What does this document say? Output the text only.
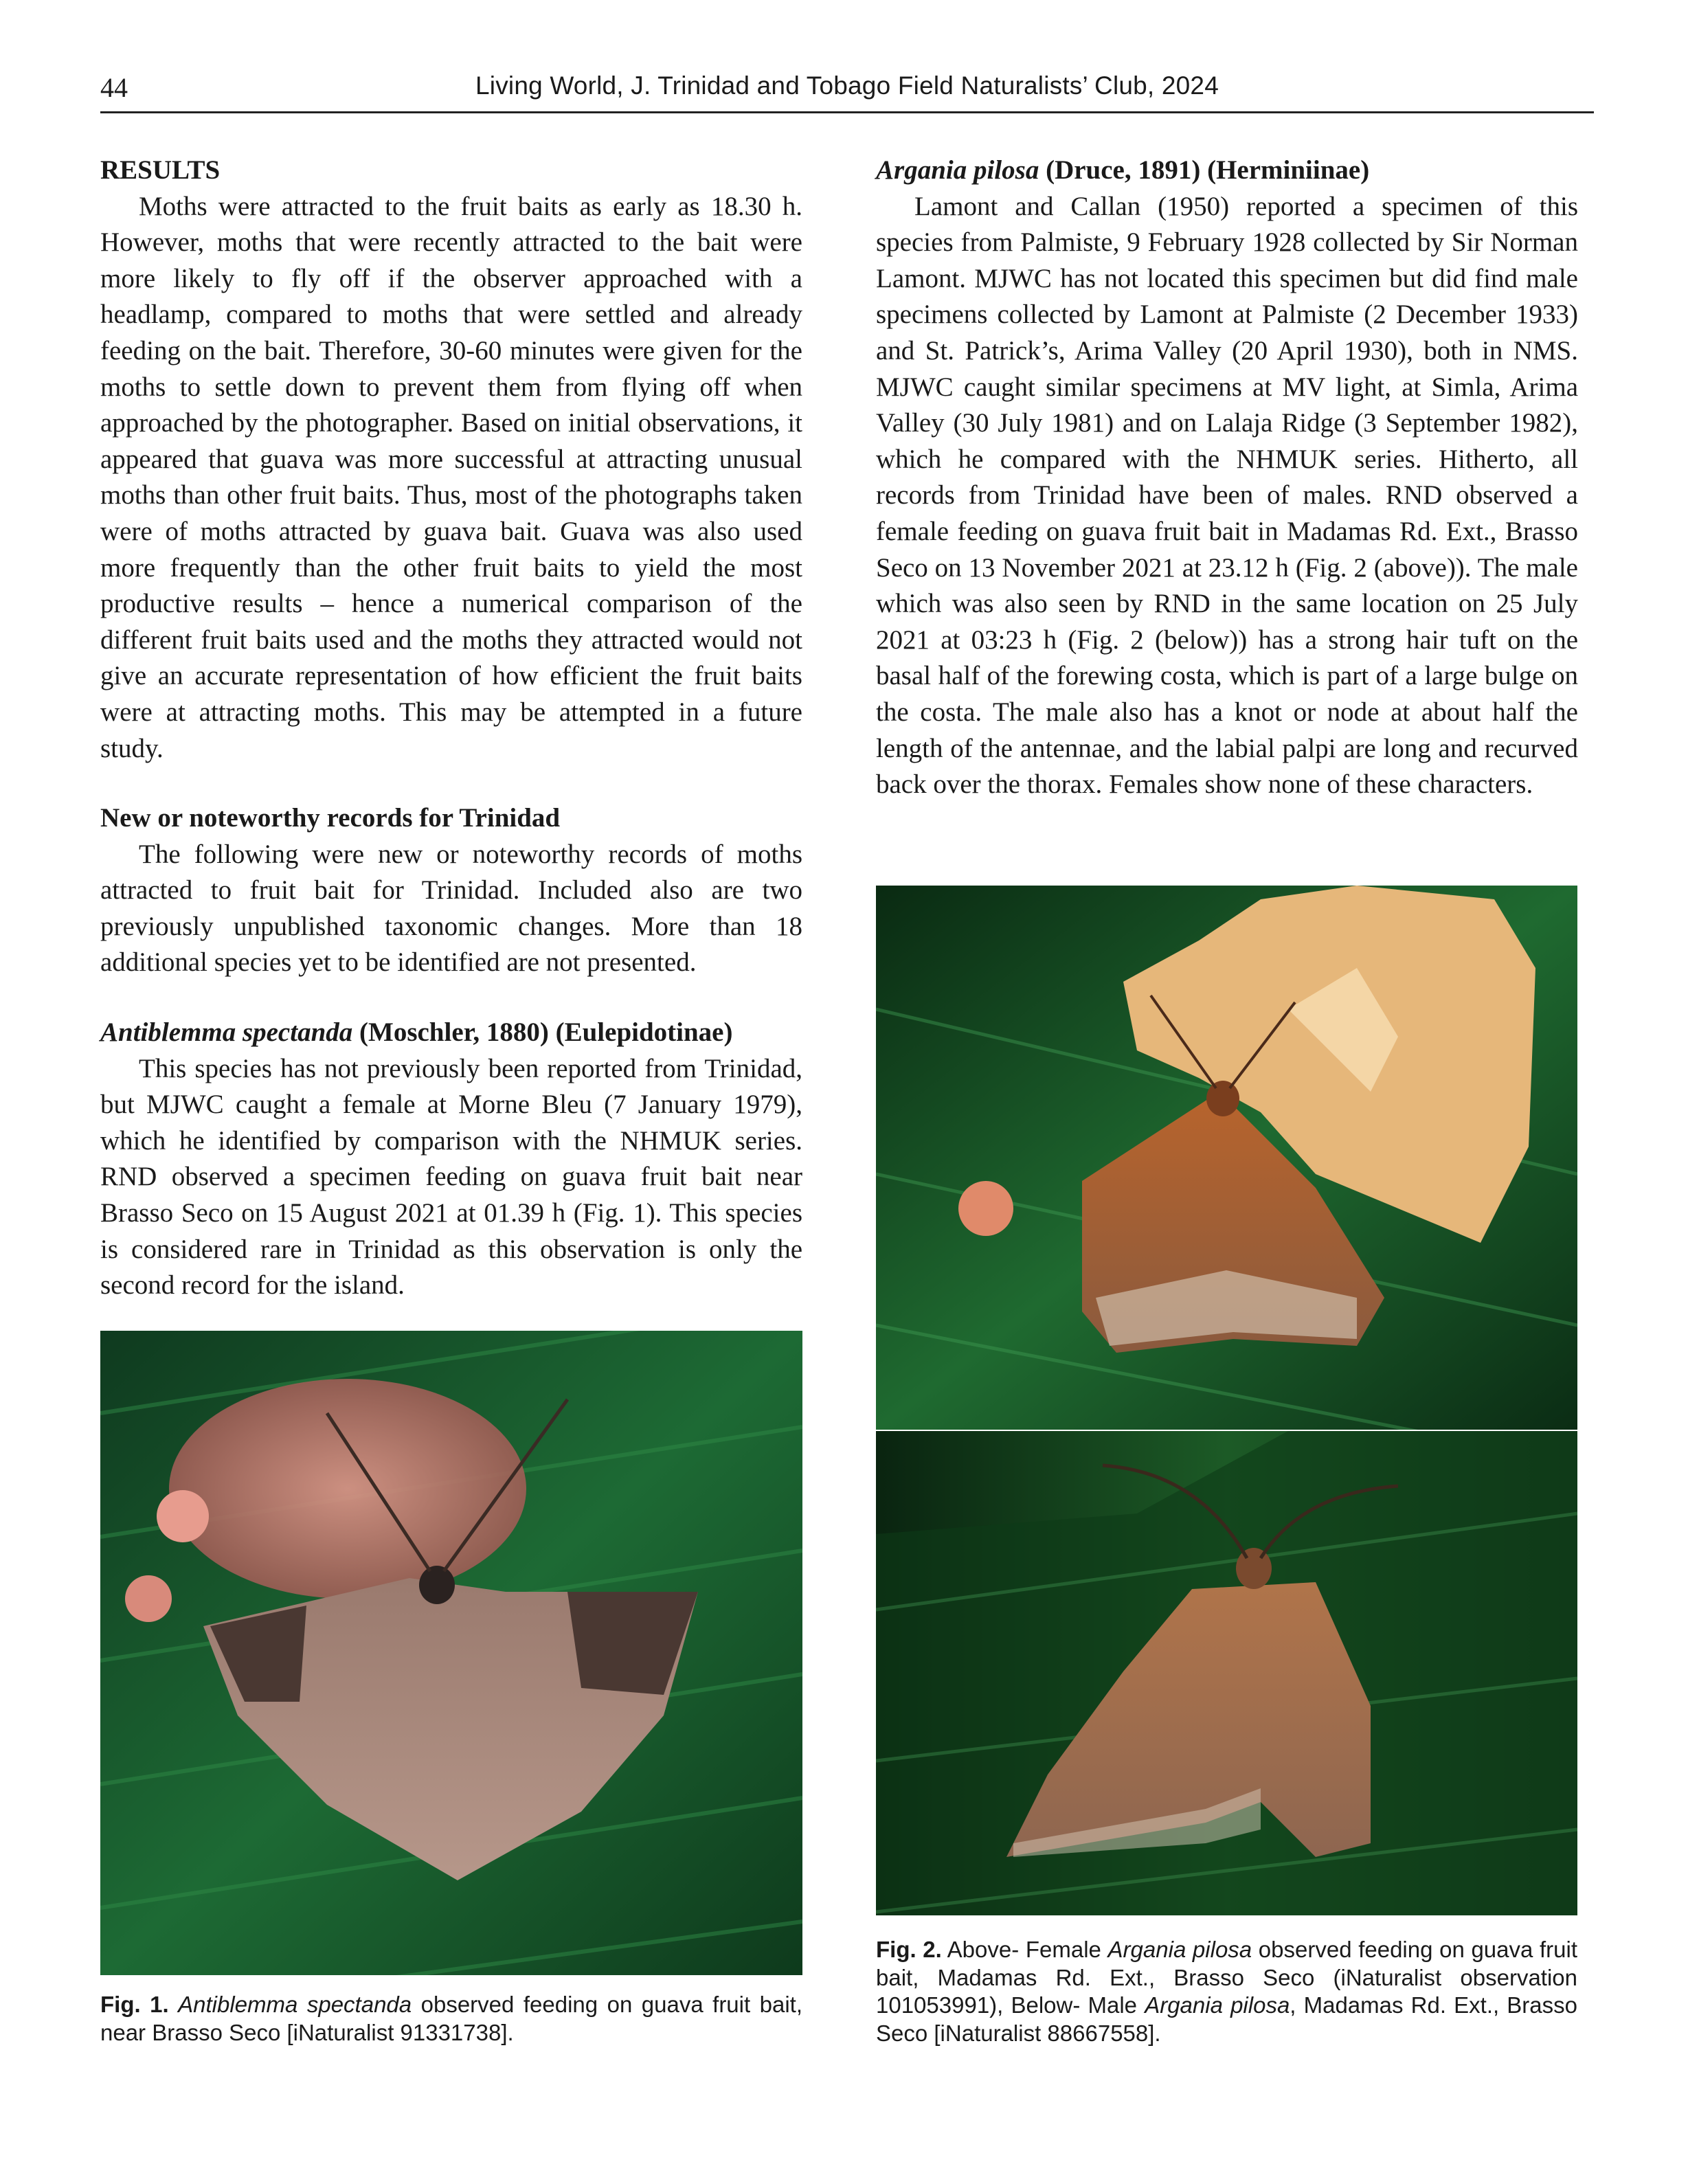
44	Living World, J. Trinidad and Tobago Field Naturalists’ Club, 2024
RESULTS

Moths were attracted to the fruit baits as early as 18.30 h. However, moths that were recently attracted to the bait were more likely to fly off if the observer approached with a headlamp, compared to moths that were settled and already feeding on the bait. Therefore, 30-60 minutes were given for the moths to settle down to prevent them from flying off when approached by the photographer. Based on initial observations, it appeared that guava was more successful at attracting unusual moths than other fruit baits. Thus, most of the photographs taken were of moths attracted by guava bait. Guava was also used more frequently than the other fruit baits to yield the most productive results – hence a numerical comparison of the different fruit baits used and the moths they attracted would not give an accurate representation of how efficient the fruit baits were at attracting moths. This may be attempted in a future study.

New or noteworthy records for Trinidad

The following were new or noteworthy records of moths attracted to fruit bait for Trinidad. Included also are two previously unpublished taxonomic changes. More than 18 additional species yet to be identified are not presented.

Antiblemma spectanda (Moschler, 1880) (Eulepidotinae)

This species has not previously been reported from Trinidad, but MJWC caught a female at Morne Bleu (7 January 1979), which he identified by comparison with the NHMUK series. RND observed a specimen feeding on guava fruit bait near Brasso Seco on 15 August 2021 at 01.39 h (Fig. 1). This species is considered rare in Trinidad as this observation is only the second record for the island.

Argania pilosa (Druce, 1891) (Herminiinae)

Lamont and Callan (1950) reported a specimen of this species from Palmiste, 9 February 1928 collected by Sir Norman Lamont. MJWC has not located this specimen but did find male specimens collected by Lamont at Palmiste (2 December 1933) and St. Patrick’s, Arima Valley (20 April 1930), both in NMS. MJWC caught similar specimens at MV light, at Simla, Arima Valley (30 July 1981) and on Lalaja Ridge (3 September 1982), which he compared with the NHMUK series. Hitherto, all records from Trinidad have been of males. RND observed a female feeding on guava fruit bait in Madamas Rd. Ext., Brasso Seco on 13 November 2021 at 23.12 h (Fig. 2 (above)). The male which was also seen by RND in the same location on 25 July 2021 at 03:23 h (Fig. 2 (below)) has a strong hair tuft on the basal half of the forewing costa, which is part of a large bulge on the costa. The male also has a knot or node at about half the length of the antennae, and the labial palpi are long and recurved back over the thorax. Females show none of these characters.

Fig. 1. Antiblemma spectanda observed feeding on guava fruit bait, near Brasso Seco [iNaturalist 91331738].
Fig. 2. Above- Female Argania pilosa observed feeding on guava fruit bait, Madamas Rd. Ext., Brasso Seco (iNaturalist observation 101053991), Below- Male Argania pilosa, Madamas Rd. Ext., Brasso Seco [iNaturalist 88667558].
